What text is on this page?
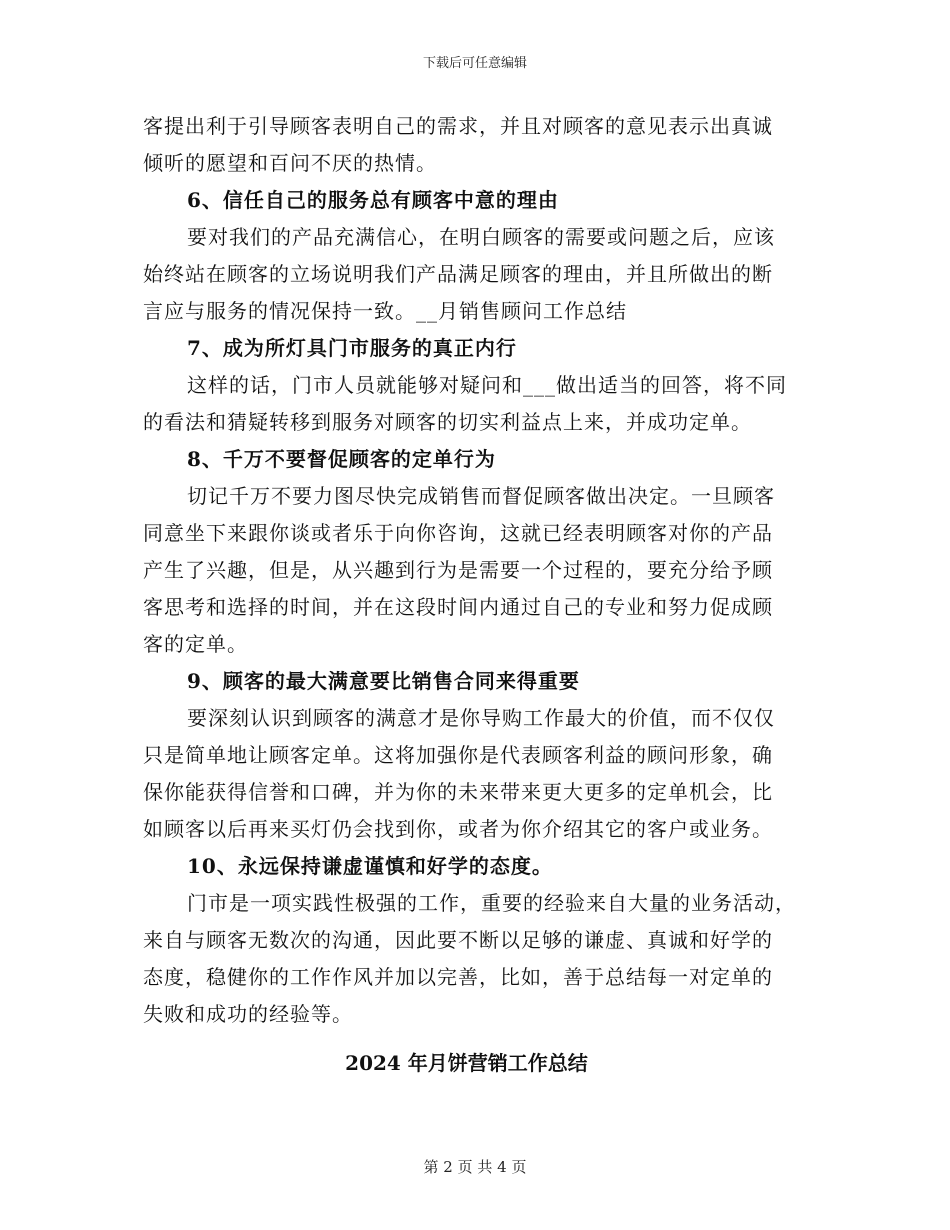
下载后可任意编辑
客提出利于引导顾客表明自己的需求，并且对顾客的意见表示出真诚
倾听的愿望和百问不厌的热情。
6、信任自己的服务总有顾客中意的理由
要对我们的产品充满信心，在明白顾客的需要或问题之后，应该
始终站在顾客的立场说明我们产品满足顾客的理由，并且所做出的断
言应与服务的情况保持一致。__月销售顾问工作总结
7、成为所灯具门市服务的真正内行
这样的话，门市人员就能够对疑问和___做出适当的回答，将不同
的看法和猜疑转移到服务对顾客的切实利益点上来，并成功定单。
8、千万不要督促顾客的定单行为
切记千万不要力图尽快完成销售而督促顾客做出决定。一旦顾客
同意坐下来跟你谈或者乐于向你咨询，这就已经表明顾客对你的产品
产生了兴趣，但是，从兴趣到行为是需要一个过程的，要充分给予顾
客思考和选择的时间，并在这段时间内通过自己的专业和努力促成顾
客的定单。
9、顾客的最大满意要比销售合同来得重要
要深刻认识到顾客的满意才是你导购工作最大的价值，而不仅仅
只是简单地让顾客定单。这将加强你是代表顾客利益的顾问形象，确
保你能获得信誉和口碑，并为你的未来带来更大更多的定单机会，比
如顾客以后再来买灯仍会找到你，或者为你介绍其它的客户或业务。
10、永远保持谦虚谨慎和好学的态度。
门市是一项实践性极强的工作，重要的经验来自大量的业务活动，
来自与顾客无数次的沟通，因此要不断以足够的谦虚、真诚和好学的
态度，稳健你的工作作风并加以完善，比如，善于总结每一对定单的
失败和成功的经验等。
2024 年月饼营销工作总结
第 2 页 共 4 页
